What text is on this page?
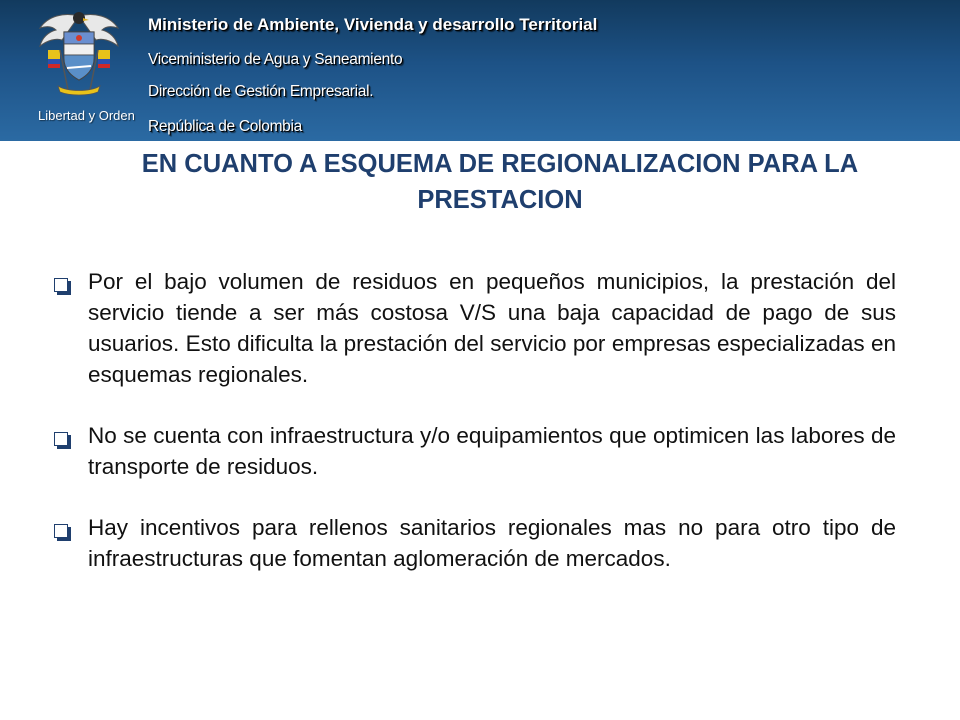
Libertad y Orden
Ministerio de Ambiente, Vivienda y desarrollo Territorial
Viceministerio de Agua y Saneamiento
Dirección de Gestión Empresarial.
República de Colombia
EN CUANTO A ESQUEMA DE REGIONALIZACION PARA LA PRESTACION
Por el bajo volumen de residuos en pequeños municipios, la prestación del servicio tiende a ser más costosa V/S una baja capacidad de pago de sus usuarios. Esto dificulta la prestación del servicio por empresas especializadas en esquemas regionales.
No se cuenta con infraestructura y/o equipamientos que optimicen las labores de transporte de residuos.
Hay incentivos para rellenos sanitarios regionales mas no para otro tipo de infraestructuras que fomentan aglomeración de mercados.
